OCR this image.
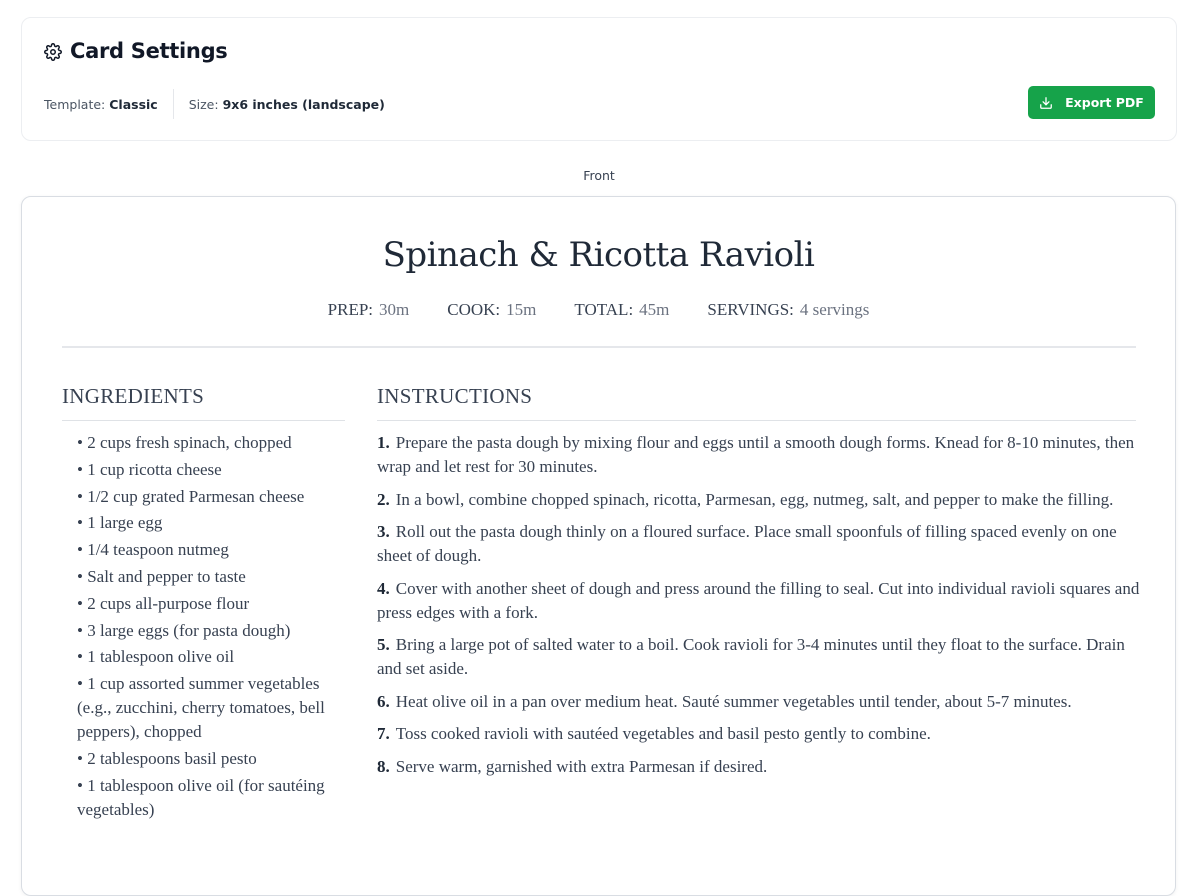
Card Settings
Template: Classic Size: 9x6 inches (landscape)	Export PDF
Front
Spinach & Ricotta Ravioli
PREP: 30m COOK: 15m TOTAL: 45m SERVINGS: 4 servings
INGREDIENTS
• 2 cups fresh spinach, chopped
• 1 cup ricotta cheese
• 1/2 cup grated Parmesan cheese
• 1 large egg
• 1/4 teaspoon nutmeg
• Salt and pepper to taste
• 2 cups all-purpose flour
• 3 large eggs (for pasta dough)
• 1 tablespoon olive oil
• 1 cup assorted summer vegetables (e.g., zucchini, cherry tomatoes, bell peppers), chopped
• 2 tablespoons basil pesto
• 1 tablespoon olive oil (for sautéing vegetables)
INSTRUCTIONS
1. Prepare the pasta dough by mixing flour and eggs until a smooth dough forms. Knead for 8-10 minutes, then wrap and let rest for 30 minutes.
2. In a bowl, combine chopped spinach, ricotta, Parmesan, egg, nutmeg, salt, and pepper to make the filling.
3. Roll out the pasta dough thinly on a floured surface. Place small spoonfuls of filling spaced evenly on one sheet of dough.
4. Cover with another sheet of dough and press around the filling to seal. Cut into individual ravioli squares and press edges with a fork.
5. Bring a large pot of salted water to a boil. Cook ravioli for 3-4 minutes until they float to the surface. Drain and set aside.
6. Heat olive oil in a pan over medium heat. Sauté summer vegetables until tender, about 5-7 minutes.
7. Toss cooked ravioli with sautéed vegetables and basil pesto gently to combine.
8. Serve warm, garnished with extra Parmesan if desired.
